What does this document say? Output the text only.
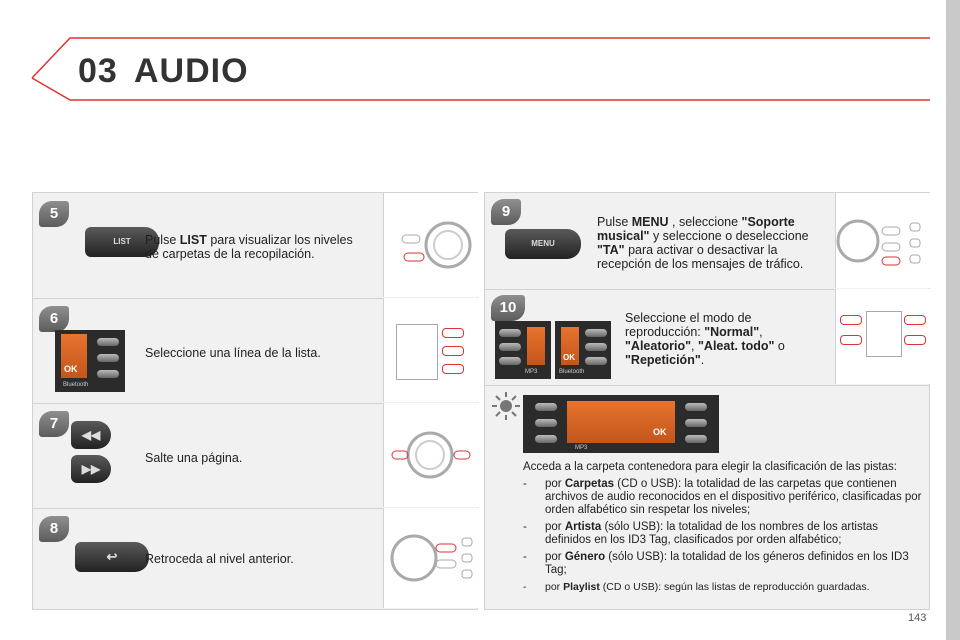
03 AUDIO
5
LIST	Pulse LIST para visualizar los niveles de carpetas de la recopilación.
6
OK
Bluetooth
Seleccione una línea de la lista.
7
◀◀
▶▶
Salte una página.
8
↩	Retroceda al nivel anterior.
9
MENU
Pulse MENU , seleccione "Soporte musical" y seleccione o deseleccione "TA" para activar o desactivar la recepción de los mensajes de tráfico.
10
MP3
OK
Bluetooth
Seleccione el modo de reproducción: "Normal", "Aleatorio", "Aleat. todo" o "Repetición".
OK
MP3
Acceda a la carpeta contenedora para elegir la clasificación de las pistas:
- por Carpetas (CD o USB): la totalidad de las carpetas que contienen archivos de audio reconocidos en el dispositivo periférico, clasificadas por orden alfabético sin respetar los niveles;
- por Artista (sólo USB): la totalidad de los nombres de los artistas definidos en los ID3 Tag, clasificados por orden alfabético;
- por Género (sólo USB): la totalidad de los géneros definidos en los ID3 Tag;
- por Playlist (CD o USB): según las listas de reproducción guardadas.
143
